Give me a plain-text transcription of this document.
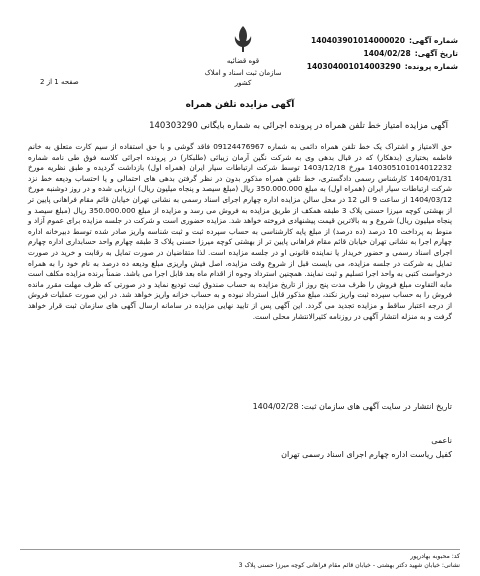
شماره آگهی:140403901014000020
تاریخ آگهی:1404/02/28
شماره پرونده:140304001014003290
قوه قضائیه
سازمان ثبت اسناد و املاک کشور
صفحه 1 از 2
آگهی مزایده تلفن همراه
آگهی مزایده امتیاز خط تلفن همراه در پرونده اجرائی به شماره بایگانی 140303290
حق الامتیاز و اشتراک یک خط تلفن همراه دائمی به شماره 09124476967 فاقد گوشی و با حق استفاده از سیم کارت متعلق به خانم فاطمه بختیاری (بدهکار) که در قبال بدهی وی به شرکت نگین آرمان زیبائی (طلبکار) در پرونده اجرائی کلاسه فوق طی نامه شماره 140305101014012232 مورخ 1403/12/18 توسط شرکت ارتباطات سیار ایران (همراه اول) بازداشت گردیده و طبق نظریه مورخ 1404/01/31 کارشناس رسمی دادگستری، خط تلفن همراه مذکور بدون در نظر گرفتن بدهی های احتمالی و یا احتساب ودیعه خط نزد شرکت ارتباطات سیار ایران (همراه اول) به مبلغ 350.000.000 ریال (مبلغ سیصد و پنجاه میلیون ریال) ارزیابی شده و در روز دوشنبه مورخ 1404/03/12 از ساعت 9 الی 12 در محل سالن مزایده اداره چهارم اجرای اسناد رسمی به نشانی تهران خیابان قائم مقام فراهانی پایین تر از بهشتی کوچه میرزا حسنی پلاک 3 طبقه همکف از طریق مزایده به فروش می رسد و مزایده از مبلغ 350.000.000 ریال (مبلغ سیصد و پنجاه میلیون ریال) شروع و به بالاترین قیمت پیشنهادی فروخته خواهد شد. مزایده حضوری است و شرکت در جلسه مزایده برای عموم آزاد و منوط به پرداخت 10 درصد (ده درصد) از مبلغ پایه کارشناسی به حساب سپرده ثبت و ثبت شناسه واریز صادر شده توسط دبیرخانه اداره چهارم اجرا به نشانی تهران خیابان قائم مقام فراهانی پایین تر از بهشتی کوچه میرزا حسنی پلاک 3 طبقه چهارم واحد حسابداری اداره چهارم اجرای اسناد رسمی و حضور خریدار یا نماینده قانونی او در جلسه مزایده است. لذا متقاضیان در صورت تمایل به رقابت و خرید در صورت تمایل به شرکت در جلسه مزایده، می بایست قبل از شروع وقت مزایده، اصل فیش واریزی مبلغ ودیعه ده درصد به نام خود را به همراه درخواست کتبی به واحد اجرا تسلیم و ثبت نمایند. همچنین استرداد وجوه از اقدام ماه بعد قابل اجرا می باشد. ضمناً برنده مزایده مکلف است مابه التفاوت مبلغ فروش را ظرف مدت پنج روز از تاریخ مزایده به حساب صندوق ثبت تودیع نماید و در صورتی که ظرف مهلت مقرر مانده فروش را به حساب سپرده ثبت واریز نکند، مبلغ مذکور قابل استرداد نبوده و به حساب خزانه واریز خواهد شد. در این صورت عملیات فروش از درجه اعتبار ساقط و مزایده تجدید می گردد. این آگهی پس از تایید نهایی مزایده در سامانه ارسال آگهی های سازمان ثبت قرار خواهد گرفت و به منزله انتشار آگهی در روزنامه کثیرالانتشار محلی است.
تاریخ انتشار در سایت آگهی های سازمان ثبت: 1404/02/28
ناعمی
کفیل ریاست اداره چهارم اجرای اسناد رسمی تهران
کد: محبوبه بهادرپور
نشانی: خیابان شهید دکتر بهشتی - خیابان قائم مقام فراهانی کوچه میرزا حسنی پلاک 3
